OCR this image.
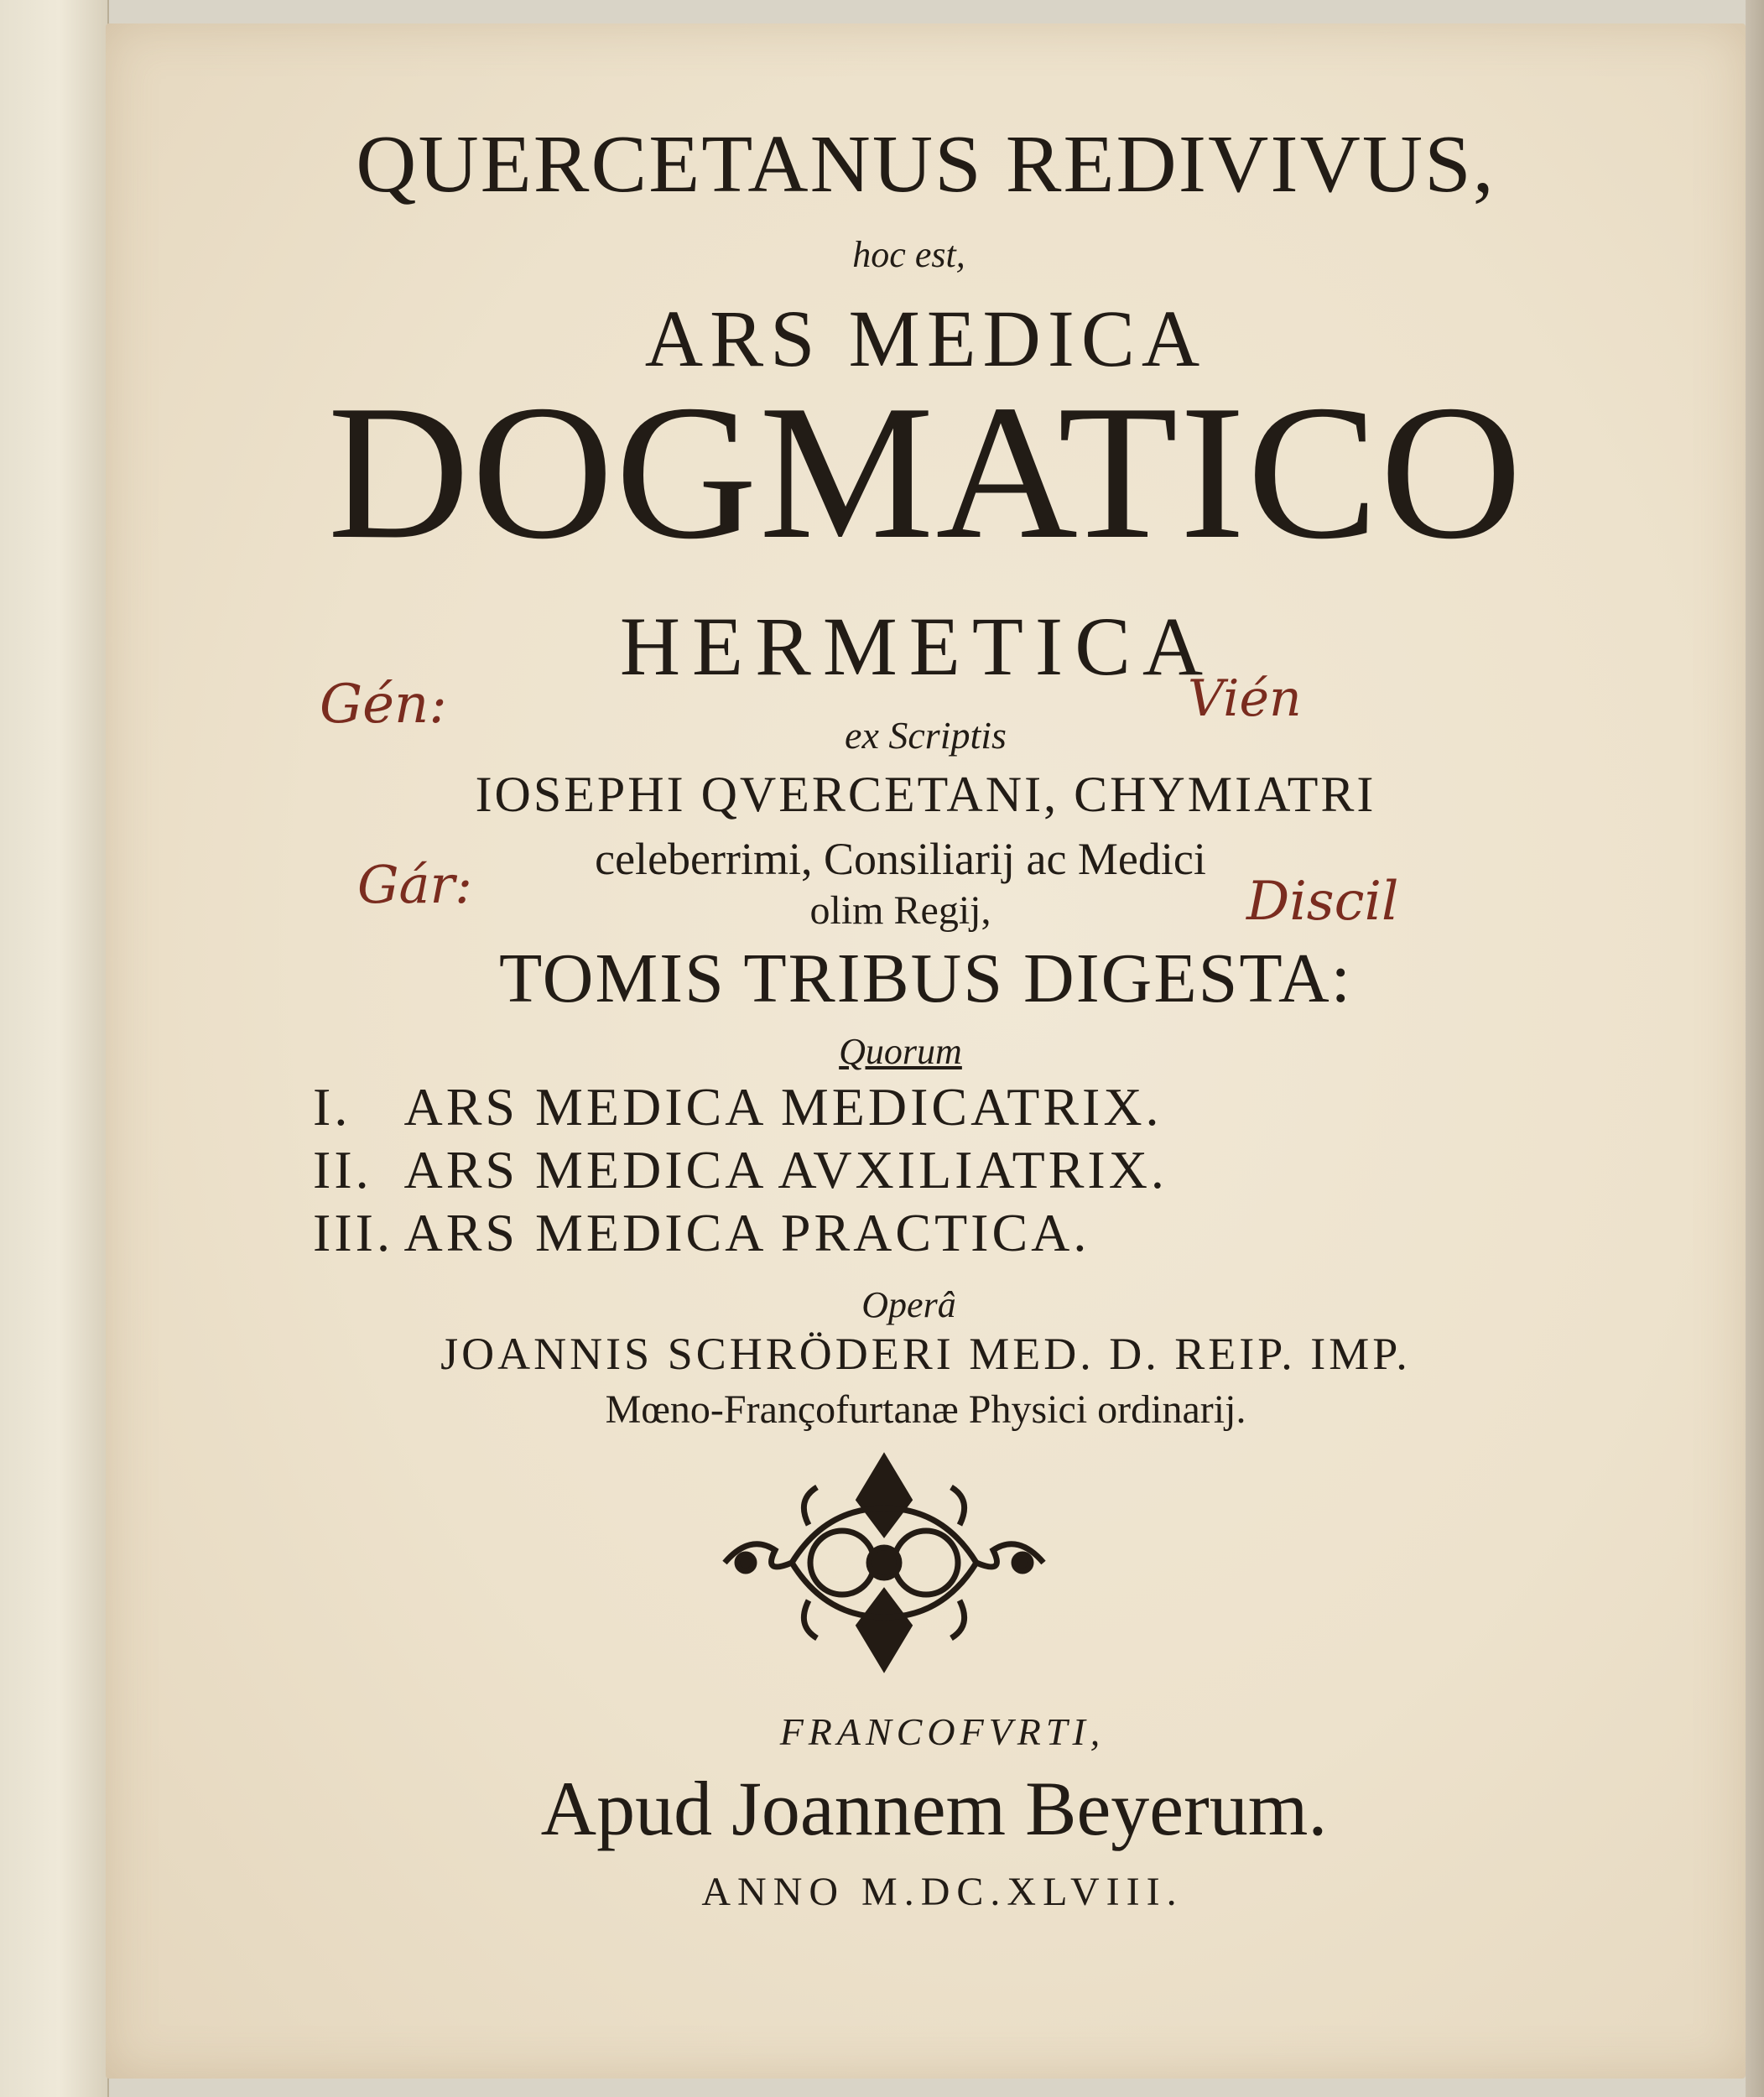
QUERCETANUS REDIVIVUS,
hoc est,
ARS MEDICA
DOGMATICO
HERMETICA
ex Scriptis
IOSEPHI QVERCETANI, CHYMIATRI
celeberrimi, Consiliarij ac Medici
olim Regij,
TOMIS TRIBUS DIGESTA:
Quorum
I. ARS MEDICA MEDICATRIX.
II. ARS MEDICA AVXILIATRIX.
III. ARS MEDICA PRACTICA.
Operâ
JOANNIS SCHRÖDERI MED. D. REIP. IMP.
Mœno-Françofurtanæ Physici ordinarij.
FRANCOFVRTI,
Apud Joannem Beyerum.
ANNO M.DC.XLVIII.
Gén:	Vién
Gár:	Discil
